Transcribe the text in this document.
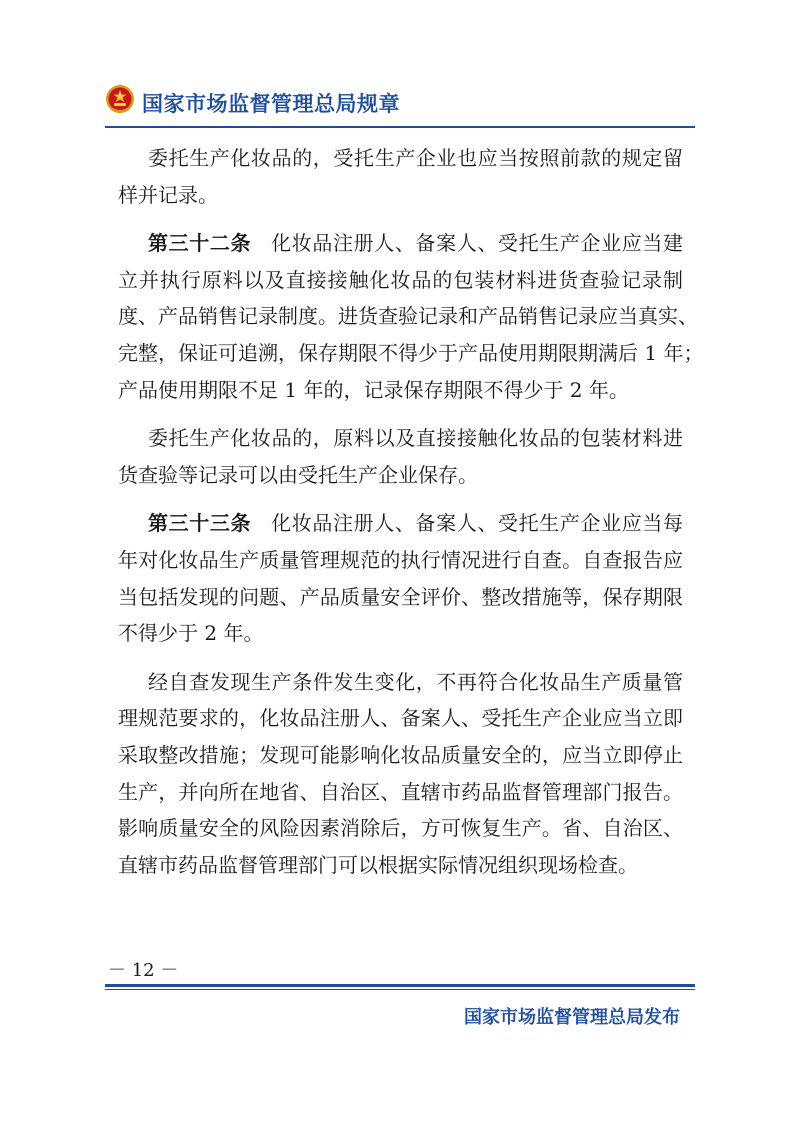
国家市场监督管理总局规章
委托生产化妆品的，受托生产企业也应当按照前款的规定留
样并记录。
第三十二条 化妆品注册人、备案人、受托生产企业应当建
立并执行原料以及直接接触化妆品的包装材料进货查验记录制
度、产品销售记录制度。进货查验记录和产品销售记录应当真实、
完整，保证可追溯，保存期限不得少于产品使用期限期满后 1 年；
产品使用期限不足 1 年的，记录保存期限不得少于 2 年。
委托生产化妆品的，原料以及直接接触化妆品的包装材料进
货查验等记录可以由受托生产企业保存。
第三十三条 化妆品注册人、备案人、受托生产企业应当每
年对化妆品生产质量管理规范的执行情况进行自查。自查报告应
当包括发现的问题、产品质量安全评价、整改措施等，保存期限
不得少于 2 年。
经自查发现生产条件发生变化，不再符合化妆品生产质量管
理规范要求的，化妆品注册人、备案人、受托生产企业应当立即
采取整改措施；发现可能影响化妆品质量安全的，应当立即停止
生产，并向所在地省、自治区、直辖市药品监督管理部门报告。
影响质量安全的风险因素消除后，方可恢复生产。省、自治区、
直辖市药品监督管理部门可以根据实际情况组织现场检查。
－ 12 －
国家市场监督管理总局发布
